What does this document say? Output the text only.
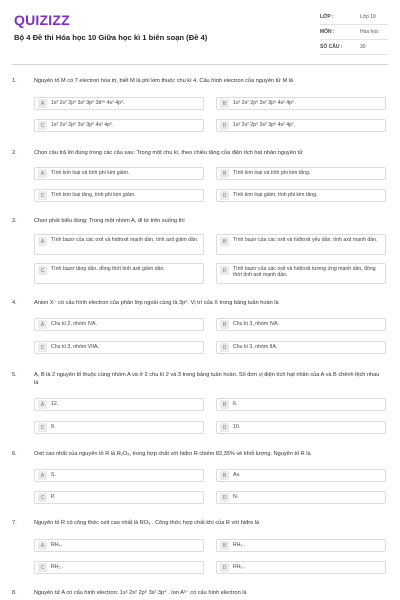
QUIZIZZ
Bộ 4 Đề thi Hóa học 10 Giữa học kì 1 biên soạn (Đề 4)
LỚP :	Lớp 10
MÔN :	Hóa học
SỐ CÂU :	30
1.	Nguyên tố M có 7 electron hóa trị, biết M là phi kim thuộc chu kì 4. Cấu hình electron của nguyên tử M là
A	1s² 2s² 2p⁶ 3s² 3p⁶ 3d¹⁰ 4s² 4p⁵.	B	1s² 2s² 2p⁶ 3s² 3p⁶ 4s² 4p⁵.
C	1s² 2s² 2p⁶ 3s² 3p⁶ 4s² 4p⁵.	D	1s² 2s² 2p⁶ 3s² 3p⁶ 4s² 4p⁷.
2.	Chọn câu trả lời đúng trong các câu sau: Trong một chu kì, theo chiều tăng của điện tích hạt nhân nguyên tử
A	Tính kim loại và tính phi kim giảm.	B	Tính kim loại và tính phi kim tăng.
C	Tính kim loại tăng, tính phi kim giảm.	D	Tính kim loại giảm, tính phi kim tăng.
3.	Chọn phát biểu đúng: Trong một nhóm A, đi từ trên xuống thì
A	Tính bazơ của các oxit và hiđroxit mạnh dần, tính axit giảm dần.	B	Tính bazơ của các oxit và hiđroxit yếu dần, tính axit mạnh dần.
C	Tính bazơ tăng dần, đồng thời tính axit giảm dần.	D	Tính bazơ của các oxit và hiđroxit tương ứng mạnh dần, đồng thời tính axit mạnh dần.
4.	Anion X⁻ có cấu hình electron của phân lớp ngoài cùng là 3p⁶. Vị trí của X trong bảng tuần hoàn là
A	Chu kì 2, nhóm IVA.	B	Chu kì 3, nhóm IVA.
C	Chu kì 3, nhóm VIIA.	D	Chu kì 3, nhóm IIA.
5.	A, B là 2 nguyên tố thuộc cùng nhóm A và ở 2 chu kì 2 và 3 trong bảng tuần hoàn. Số đơn vị điện tích hạt nhân của A và B chênh lệch nhau là
A	12.	B	6.
C	8.	D	10.
6.	Oxit cao nhất của nguyên tố R là R₂O₅, trong hợp chất với hiđro R chiếm 82,35% về khối lượng. Nguyên tố R là
A	S.	B	As.
C	P.	D	N.
7.	Nguyên tố R có công thức oxit cao nhất là RO₃ . Công thức hợp chất khí của R với hiđro là
A	RH₄.	B	RH₃ .
C	RH₂ .	D	RH₅ .
8.	Nguyên tử A có cấu hình electron: 1s² 2s² 2p⁶ 3s² 3p⁴ . Ion A²⁻ có cấu hình electron là
